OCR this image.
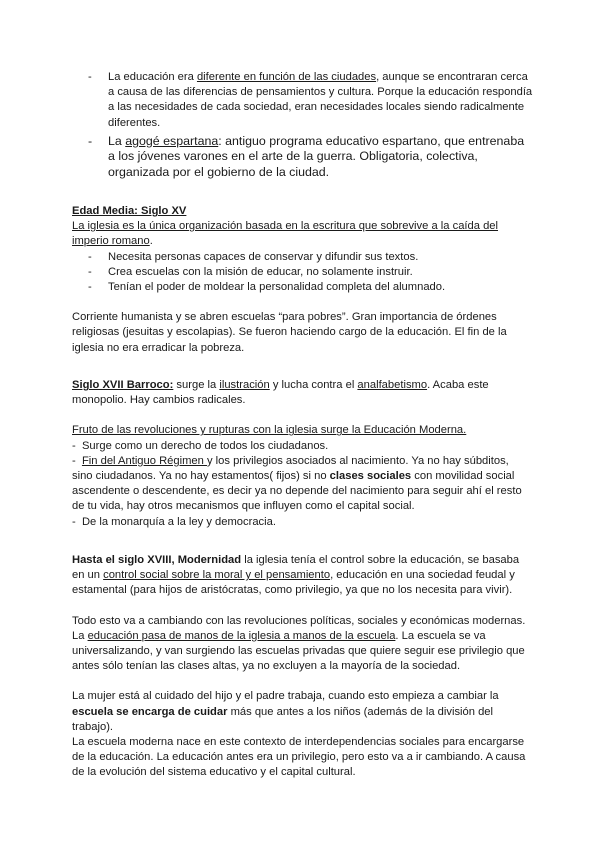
- La educación era diferente en función de las ciudades, aunque se encontraran cerca a causa de las diferencias de pensamientos y cultura. Porque la educación respondía a las necesidades de cada sociedad, eran necesidades locales siendo radicalmente diferentes.
- La agogé espartana: antiguo programa educativo espartano, que entrenaba a los jóvenes varones en el arte de la guerra. Obligatoria, colectiva, organizada por el gobierno de la ciudad.
Edad Media: Siglo XV
La iglesia es la única organización basada en la escritura que sobrevive a la caída del imperio romano.
- Necesita personas capaces de conservar y difundir sus textos.
- Crea escuelas con la misión de educar, no solamente instruir.
- Tenían el poder de moldear la personalidad completa del alumnado.

Corriente humanista y se abren escuelas “para pobres”. Gran importancia de órdenes religiosas (jesuitas y escolapias). Se fueron haciendo cargo de la educación. El fin de la iglesia no era erradicar la pobreza.

Siglo XVII Barroco: surge la ilustración y lucha contra el analfabetismo. Acaba este monopolio. Hay cambios radicales.

Fruto de las revoluciones y rupturas con la iglesia surge la Educación Moderna.

- Surge como un derecho de todos los ciudadanos.
- Fin del Antiguo Régimen y los privilegios asociados al nacimiento. Ya no hay súbditos, sino ciudadanos. Ya no hay estamentos( fijos) si no clases sociales con movilidad social ascendente o descendente, es decir ya no depende del nacimiento para seguir ahí el resto de tu vida, hay otros mecanismos que influyen como el capital social.
- De la monarquía a la ley y democracia.

Hasta el siglo XVIII, Modernidad la iglesia tenía el control sobre la educación, se basaba en un control social sobre la moral y el pensamiento, educación en una sociedad feudal y estamental (para hijos de aristócratas, como privilegio, ya que no los necesita para vivir).

Todo esto va a cambiando con las revoluciones políticas, sociales y económicas modernas. La educación pasa de manos de la iglesia a manos de la escuela. La escuela se va universalizando, y van surgiendo las escuelas privadas que quiere seguir ese privilegio que antes sólo tenían las clases altas, ya no excluyen a la mayoría de la sociedad.

La mujer está al cuidado del hijo y el padre trabaja, cuando esto empieza a cambiar la escuela se encarga de cuidar más que antes a los niños (además de la división del trabajo).

La escuela moderna nace en este contexto de interdependencias sociales para encargarse de la educación. La educación antes era un privilegio, pero esto va a ir cambiando. A causa de la evolución del sistema educativo y el capital cultural.
